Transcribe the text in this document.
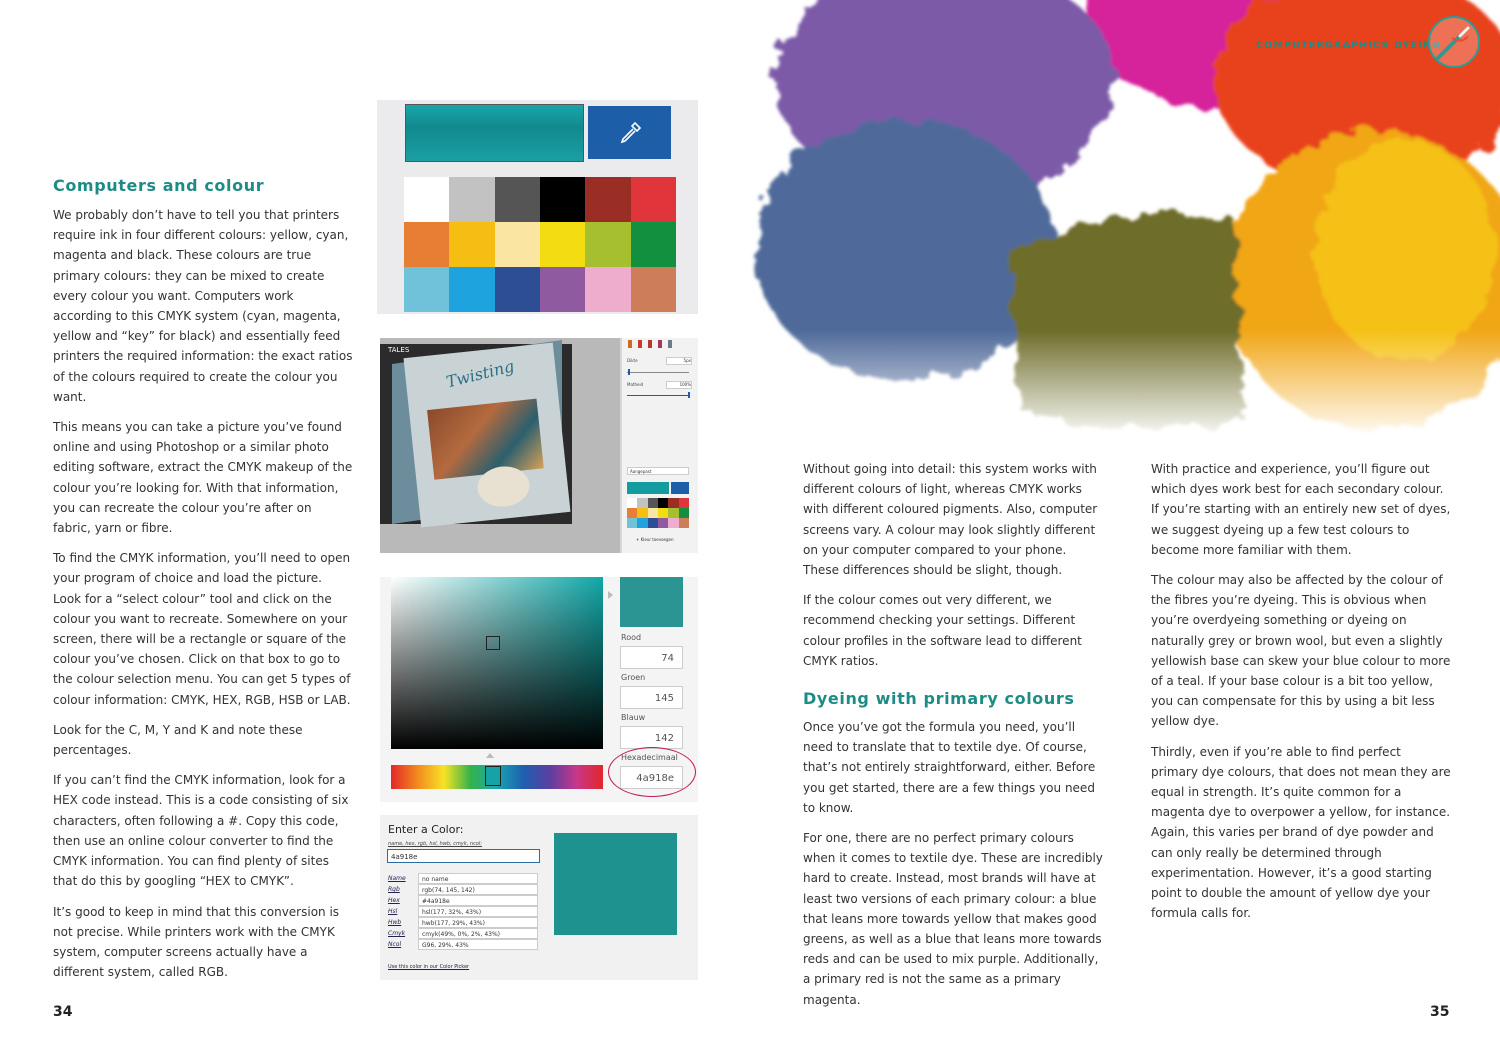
Computers and colour

We probably don’t have to tell you that printers require ink in four different colours: yellow, cyan, magenta and black. These colours are true primary colours: they can be mixed to create every colour you want. Computers work according to this CMYK system (cyan, magenta, yellow and “key” for black) and essentially feed printers the required information: the exact ratios of the colours required to create the colour you want.

This means you can take a picture you’ve found online and using Photoshop or a similar photo editing software, extract the CMYK makeup of the colour you’re looking for. With that information, you can recreate the colour you’re after on fabric, yarn or fibre.

To find the CMYK information, you’ll need to open your program of choice and load the picture. Look for a “select colour” tool and click on the colour you want to recreate. Somewhere on your screen, there will be a rectangle or square of the colour you’ve chosen. Click on that box to go to the colour selection menu. You can get 5 types of colour information: CMYK, HEX, RGB, HSB or LAB.

Look for the C, M, Y and K and note these percentages.

If you can’t find the CMYK information, look for a HEX code instead. This is a code consisting of six characters, often following a #. Copy this code, then use an online colour converter to find the CMYK information. You can find plenty of sites that do this by googling “HEX to CMYK”.

It’s good to keep in mind that this conversion is not precise. While printers work with the CMYK system, computer screens actually have a different system, called RGB.

34
Twisting
TALES
Dikte	5px
Matheid	100%
Aangepast
+ Kleur toevoegen
Rood
74
Groen
145
Blauw
142
Hexadecimaal
4a918e
Enter a Color:
name, hex, rgb, hsl, hwb, cmyk, ncol:
4a918e
Name	no name
Rgb	rgb(74, 145, 142)
Hex	#4a918e
Hsl	hsl(177, 32%, 43%)
Hwb	hwb(177, 29%, 43%)
Cmyk	cmyk(49%, 0%, 2%, 43%)
Ncol	G96, 29%, 43%
Use this color in our Color Picker
COMPUTERGRAPHICS DYEING

Without going into detail: this system works with different colours of light, whereas CMYK works with different coloured pigments. Also, computer screens vary. A colour may look slightly different on your computer compared to your phone. These differences should be slight, though.

If the colour comes out very different, we recommend checking your settings. Different colour profiles in the software lead to different CMYK ratios.

Dyeing with primary colours

Once you’ve got the formula you need, you’ll need to translate that to textile dye. Of course, that’s not entirely straightforward, either. Before you get started, there are a few things you need to know.

For one, there are no perfect primary colours when it comes to textile dye. These are incredibly hard to create. Instead, most brands will have at least two versions of each primary colour: a blue that leans more towards yellow that makes good greens, as well as a blue that leans more towards reds and can be used to mix purple. Additionally, a primary red is not the same as a primary magenta.

With practice and experience, you’ll figure out which dyes work best for each secondary colour. If you’re starting with an entirely new set of dyes, we suggest dyeing up a few test colours to become more familiar with them.

The colour may also be affected by the colour of the fibres you’re dyeing. This is obvious when you’re overdyeing something or dyeing on naturally grey or brown wool, but even a slightly yellowish base can skew your blue colour to more of a teal. If your base colour is a bit too yellow, you can compensate for this by using a bit less yellow dye.

Thirdly, even if you’re able to find perfect primary dye colours, that does not mean they are equal in strength. It’s quite common for a magenta dye to overpower a yellow, for instance. Again, this varies per brand of dye powder and can only really be determined through experimentation. However, it’s a good starting point to double the amount of yellow dye your formula calls for.

35
